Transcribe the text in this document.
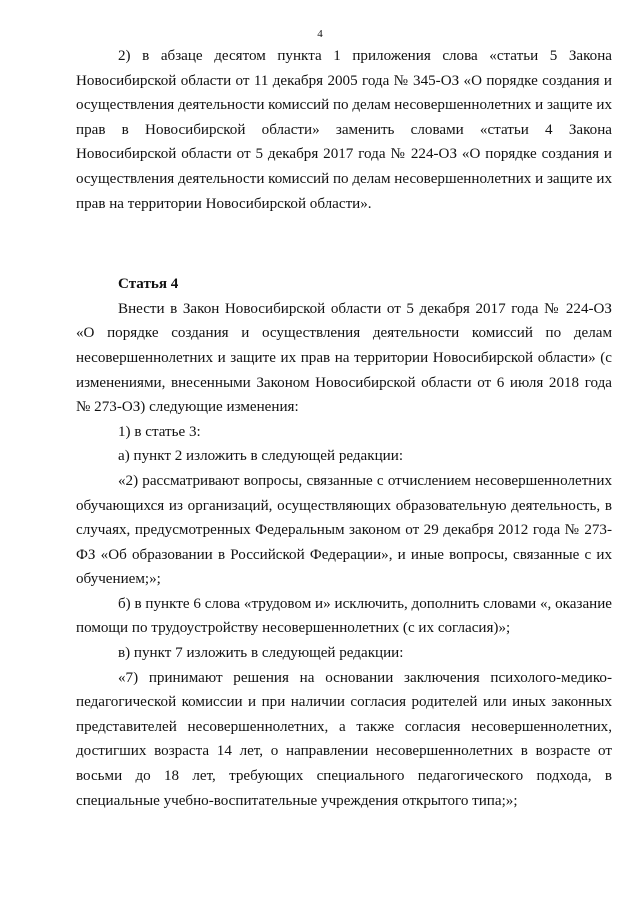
4

2) в абзаце десятом пункта 1 приложения слова «статьи 5 Закона Новосибирской области от 11 декабря 2005 года № 345-ОЗ «О порядке создания и осуществления деятельности комиссий по делам несовершеннолетних и защите их прав в Новосибирской области» заменить словами «статьи 4 Закона Новосибирской области от 5 декабря 2017 года № 224-ОЗ «О порядке создания и осуществления деятельности комиссий по делам несовершеннолетних и защите их прав на территории Новосибирской области».

Статья 4

Внести в Закон Новосибирской области от 5 декабря 2017 года № 224-ОЗ «О порядке создания и осуществления деятельности комиссий по делам несовершеннолетних и защите их прав на территории Новосибирской области» (с изменениями, внесенными Законом Новосибирской области от 6 июля 2018 года № 273-ОЗ) следующие изменения:

1) в статье 3:

а) пункт 2 изложить в следующей редакции:

«2) рассматривают вопросы, связанные с отчислением несовершеннолетних обучающихся из организаций, осуществляющих образовательную деятельность, в случаях, предусмотренных Федеральным законом от 29 декабря 2012 года № 273-ФЗ «Об образовании в Российской Федерации», и иные вопросы, связанные с их обучением;»;

б) в пункте 6 слова «трудовом и» исключить, дополнить словами «, оказание помощи по трудоустройству несовершеннолетних (с их согласия)»;

в) пункт 7 изложить в следующей редакции:

«7) принимают решения на основании заключения психолого-медико-педагогической комиссии и при наличии согласия родителей или иных законных представителей несовершеннолетних, а также согласия несовершеннолетних, достигших возраста 14 лет, о направлении несовершеннолетних в возрасте от восьми до 18 лет, требующих специального педагогического подхода, в специальные учебно-воспитательные учреждения открытого типа;»;
